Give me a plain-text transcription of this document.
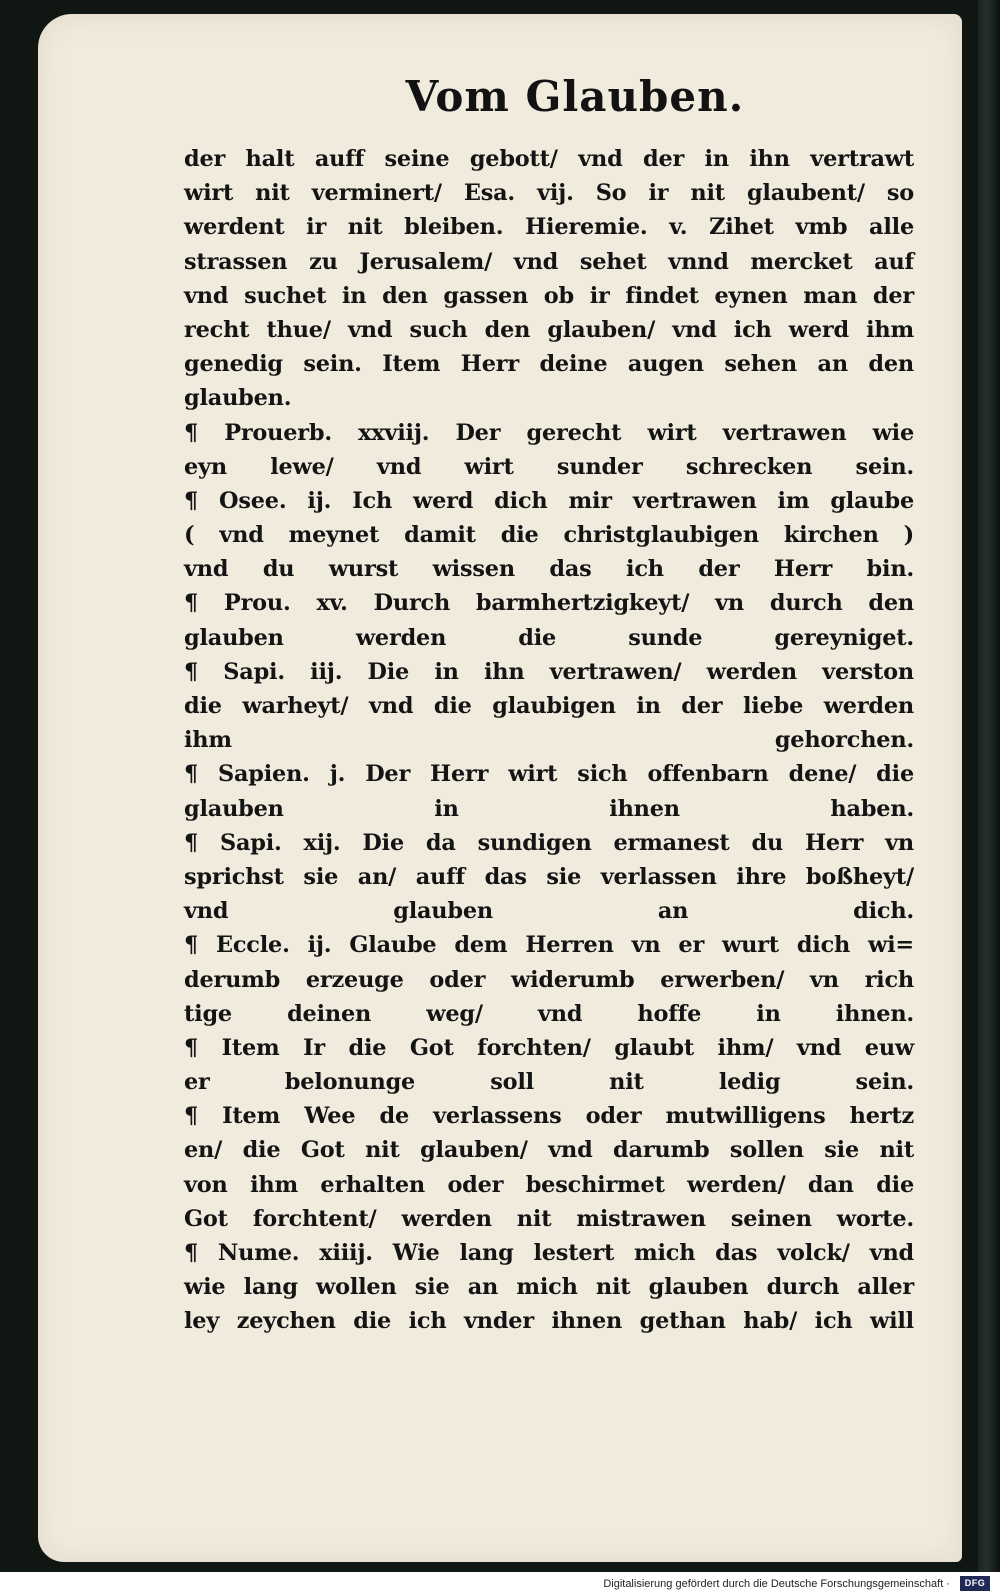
Vom Glauben.
der halt auff seine gebott/ vnd der in ihn vertrawt
wirt nit verminert/ Esa. vij. So ir nit glaubent/ so
werdent ir nit bleiben. Hieremie. v. Zihet vmb alle
strassen zu Jerusalem/ vnd sehet vnnd mercket auf
vnd suchet in den gassen ob ir findet eynen man der
recht thue/ vnd such den glauben/ vnd ich werd ihm
genedig sein. Item Herr deine augen sehen an den
glauben.
¶ Prouerb. xxviij. Der gerecht wirt vertrawen wie
eyn lewe/ vnd wirt sunder schrecken sein.
¶ Osee. ij. Ich werd dich mir vertrawen im glaube
( vnd meynet damit die christglaubigen kirchen )
vnd du wurst wissen das ich der Herr bin.
¶ Prou. xv. Durch barmhertzigkeyt/ vn durch den
glauben werden die sunde gereyniget.
¶ Sapi. iij. Die in ihn vertrawen/ werden verston
die warheyt/ vnd die glaubigen in der liebe werden
ihm gehorchen.
¶ Sapien. j. Der Herr wirt sich offenbarn dene/ die
glauben in ihnen haben.
¶ Sapi. xij. Die da sundigen ermanest du Herr vn
sprichst sie an/ auff das sie verlassen ihre boßheyt/
vnd glauben an dich.
¶ Eccle. ij. Glaube dem Herren vn er wurt dich wi=
derumb erzeuge oder widerumb erwerben/ vn rich
tige deinen weg/ vnd hoffe in ihnen.
¶ Item Ir die Got forchten/ glaubt ihm/ vnd euw
er belonunge soll nit ledig sein.
¶ Item Wee de verlassens oder mutwilligens hertz
en/ die Got nit glauben/ vnd darumb sollen sie nit
von ihm erhalten oder beschirmet werden/ dan die
Got forchtent/ werden nit mistrawen seinen worte.
¶ Nume. xiiij. Wie lang lestert mich das volck/ vnd
wie lang wollen sie an mich nit glauben durch aller
ley zeychen die ich vnder ihnen gethan hab/ ich will
Digitalisierung gefördert durch die Deutsche Forschungsgemeinschaft ·	DFG
